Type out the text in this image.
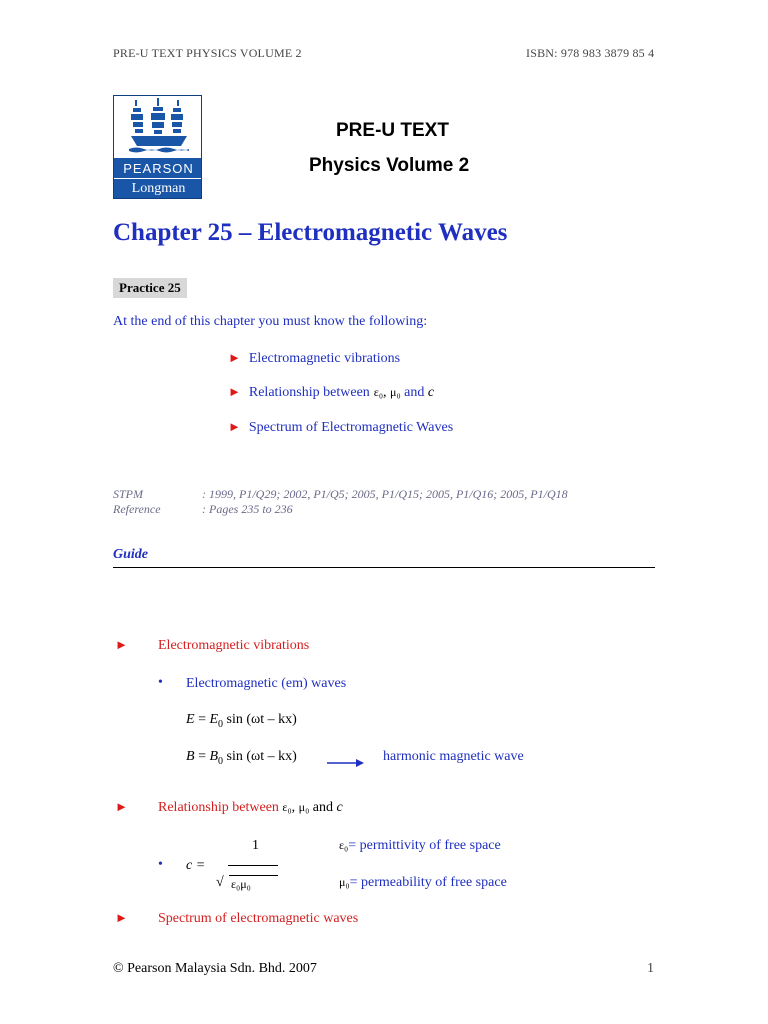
PRE-U TEXT PHYSICS VOLUME 2	ISBN: 978 983 3879 85 4
PEARSON
Longman
PRE-U TEXT
Physics Volume 2
Chapter 25 – Electromagnetic Waves
Practice 25
At the end of this chapter you must know the following:
► Electromagnetic vibrations
► Relationship between ε₀, μ₀ and c
► Spectrum of Electromagnetic Waves
STPM	: 1999, P1/Q29; 2002, P1/Q5; 2005, P1/Q15; 2005, P1/Q16; 2005, P1/Q18
Reference	: Pages 235 to 236
Guide
► Electromagnetic vibrations
• Electromagnetic (em) waves
$E = E_0$ sin (ωt – kx)
$B = B_0$ sin (ωt – kx)	harmonic magnetic wave
► Relationship between ε₀, μ₀ and c
• c =
1
√ ε₀μ₀
ε₀= permittivity of free space
μ₀= permeability of free space
► Spectrum of electromagnetic waves
© Pearson Malaysia Sdn. Bhd. 2007	1
